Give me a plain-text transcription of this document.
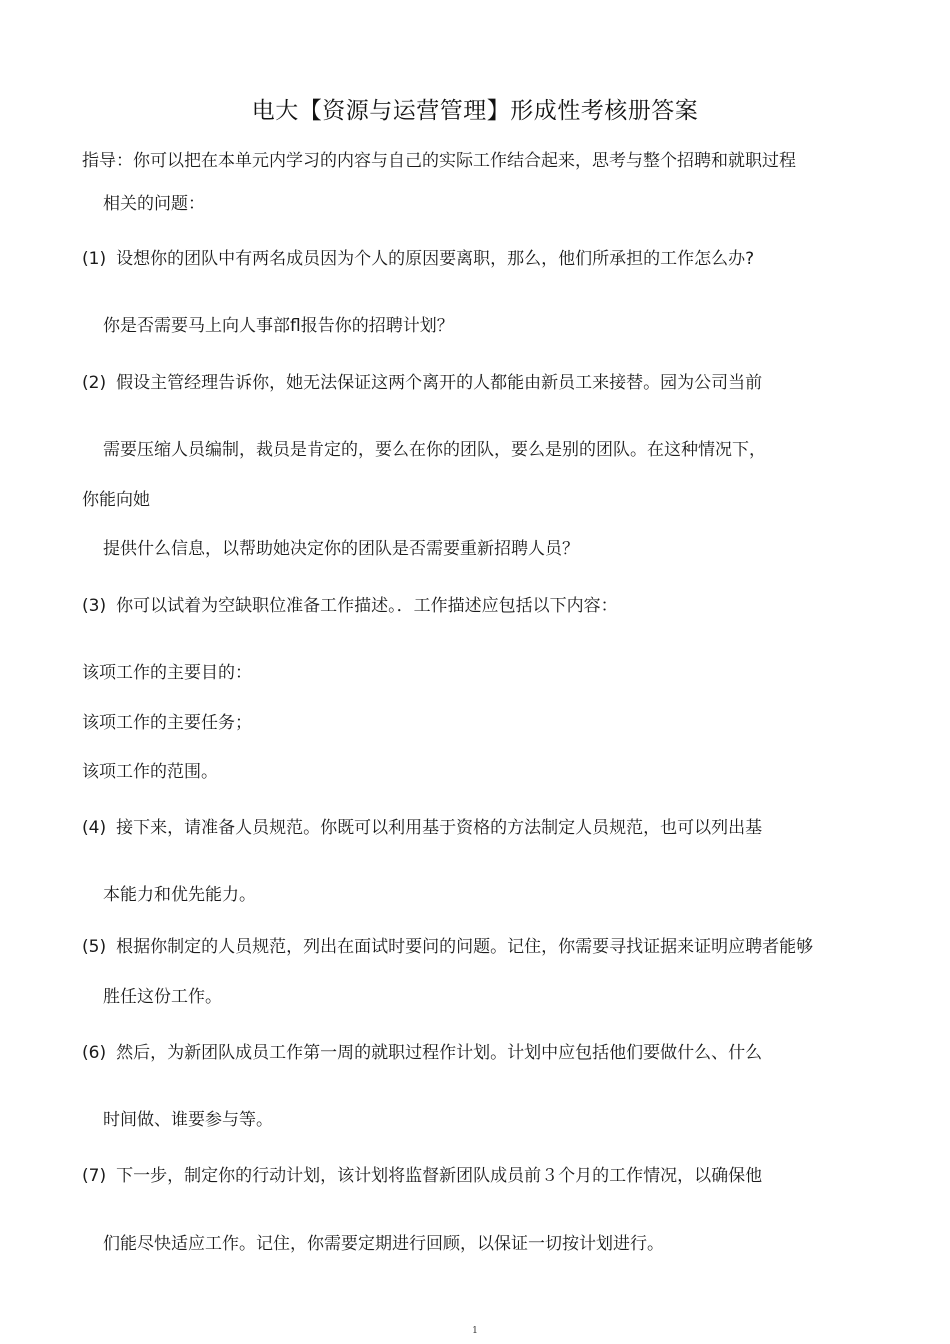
电大【资源与运营管理】形成性考核册答案
指导：你可以把在本单元内学习的内容与自己的实际工作结合起来，思考与整个招聘和就职过程
相关的问题：
(1) 设想你的团队中有两名成员因为个人的原因要离职，那么，他们所承担的工作怎么办?
你是否需要马上向人事部ﬂ报告你的招聘计划？
(2) 假设主管经理告诉你，她无法保证这两个离开的人都能由新员工来接替。园为公司当前
需要压缩人员编制，裁员是肯定的，要么在你的团队，要么是别的团队。在这种情况下，
你能向她
提供什么信息，以帮助她决定你的团队是否需要重新招聘人员？
(3) 你可以试着为空缺职位准备工作描述。．工作描述应包括以下内容：
该项工作的主要目的：
该项工作的主要任务；
该项工作的范围。
(4) 接下来，请准备人员规范。你既可以利用基于资格的方法制定人员规范，也可以列出基
本能力和优先能力。
(5) 根据你制定的人员规范，列出在面试时要问的问题。记住，你需要寻找证据来证明应聘者能够
胜任这份工作。
(6) 然后，为新团队成员工作第一周的就职过程作计划。计划中应包括他们要做什么、什么
时间做、谁要参与等。
(7) 下一步，制定你的行动计划，该计划将监督新团队成员前３个月的工作情况，以确保他
们能尽快适应工作。记住，你需要定期进行回顾，以保证一切按计划进行。
1
